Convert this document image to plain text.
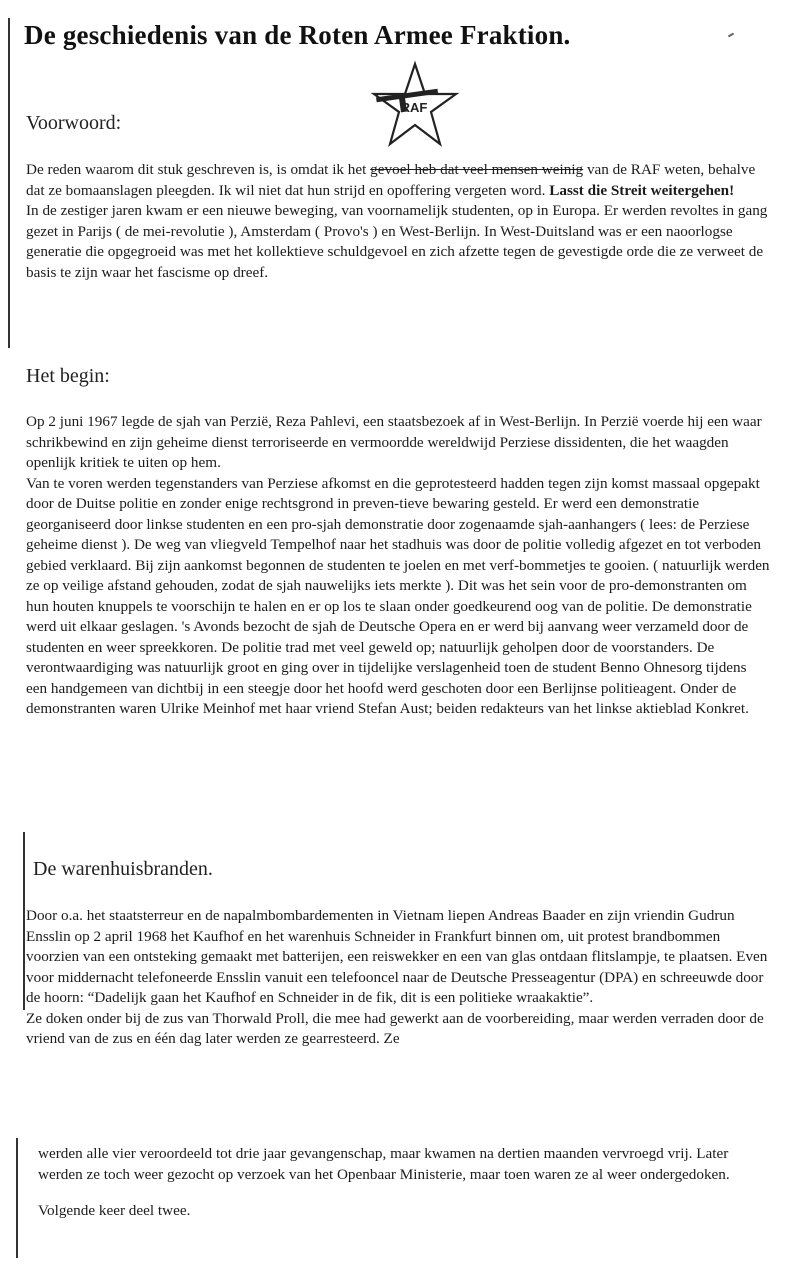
De geschiedenis van de Roten Armee Fraktion.
RAF
Voorwoord:

De reden waarom dit stuk geschreven is, is omdat ik het gevoel heb dat veel mensen weinig van de RAF weten, behalve dat ze bomaanslagen pleegden. Ik wil niet dat hun strijd en opoffering vergeten word. Lasst die Streit weitergehen!

In de zestiger jaren kwam er een nieuwe beweging, van voornamelijk studenten, op in Europa. Er werden revoltes in gang gezet in Parijs ( de mei-revolutie ), Amsterdam ( Provo's ) en West-Berlijn. In West-Duitsland was er een naoorlogse generatie die opgegroeid was met het kollektieve schuldgevoel en zich afzette tegen de gevestigde orde die ze verweet de basis te zijn waar het fascisme op dreef.

Het begin:

Op 2 juni 1967 legde de sjah van Perzië, Reza Pahlevi, een staatsbezoek af in West-Berlijn. In Perzië voerde hij een waar schrikbewind en zijn geheime dienst terroriseerde en vermoordde wereldwijd Perziese dissidenten, die het waagden openlijk kritiek te uiten op hem.

Van te voren werden tegenstanders van Perziese afkomst en die geprotesteerd hadden tegen zijn komst massaal opgepakt door de Duitse politie en zonder enige rechtsgrond in preven-tieve bewaring gesteld. Er werd een demonstratie georganiseerd door linkse studenten en een pro-sjah demonstratie door zogenaamde sjah-aanhangers ( lees: de Perziese geheime dienst ). De weg van vliegveld Tempelhof naar het stadhuis was door de politie volledig afgezet en tot verboden gebied verklaard. Bij zijn aankomst begonnen de studenten te joelen en met verf-bommetjes te gooien. ( natuurlijk werden ze op veilige afstand gehouden, zodat de sjah nauwelijks iets merkte ). Dit was het sein voor de pro-demonstranten om hun houten knuppels te voorschijn te halen en er op los te slaan onder goedkeurend oog van de politie. De demonstratie werd uit elkaar geslagen. 's Avonds bezocht de sjah de Deutsche Opera en er werd bij aanvang weer verzameld door de studenten en weer spreekkoren. De politie trad met veel geweld op; natuurlijk geholpen door de voorstanders. De verontwaardiging was natuurlijk groot en ging over in tijdelijke verslagenheid toen de student Benno Ohnesorg tijdens een handgemeen van dichtbij in een steegje door het hoofd werd geschoten door een Berlijnse politieagent. Onder de demonstranten waren Ulrike Meinhof met haar vriend Stefan Aust; beiden redakteurs van het linkse aktieblad Konkret.

De warenhuisbranden.

Door o.a. het staatsterreur en de napalmbombardementen in Vietnam liepen Andreas Baader en zijn vriendin Gudrun Ensslin op 2 april 1968 het Kaufhof en het warenhuis Schneider in Frankfurt binnen om, uit protest brandbommen voorzien van een ontsteking gemaakt met batterijen, een reiswekker en een van glas ontdaan flitslampje, te plaatsen. Even voor middernacht telefoneerde Ensslin vanuit een telefooncel naar de Deutsche Presseagentur (DPA) en schreeuwde door de hoorn: “Dadelijk gaan het Kaufhof en Schneider in de fik, dit is een politieke wraakaktie”.

Ze doken onder bij de zus van Thorwald Proll, die mee had gewerkt aan de voorbereiding, maar werden verraden door de vriend van de zus en één dag later werden ze gearresteerd. Ze

werden alle vier veroordeeld tot drie jaar gevangenschap, maar kwamen na dertien maanden vervroegd vrij. Later werden ze toch weer gezocht op verzoek van het Openbaar Ministerie, maar toen waren ze al weer ondergedoken.

Volgende keer deel twee.
